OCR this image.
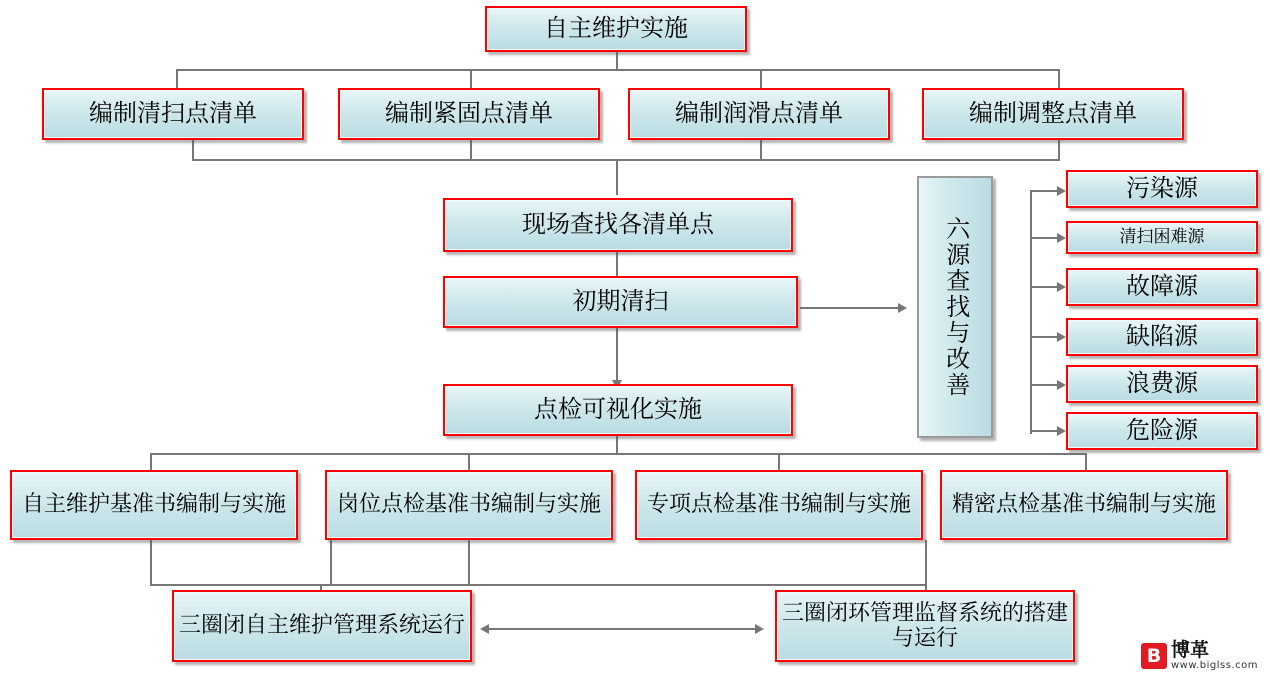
自主维护实施
编制清扫点清单	编制紧固点清单	编制润滑点清单	编制调整点清单
现场查找各清单点
初期清扫
点检可视化实施
六源查找与改善
污染源
清扫困难源
故障源
缺陷源
浪费源
危险源
自主维护基准书编制与实施	岗位点检基准书编制与实施	专项点检基准书编制与实施	精密点检基准书编制与实施
三圈闭自主维护管理系统运行
三圈闭环管理监督系统的搭建与运行
B 博革
www.biglss.com
